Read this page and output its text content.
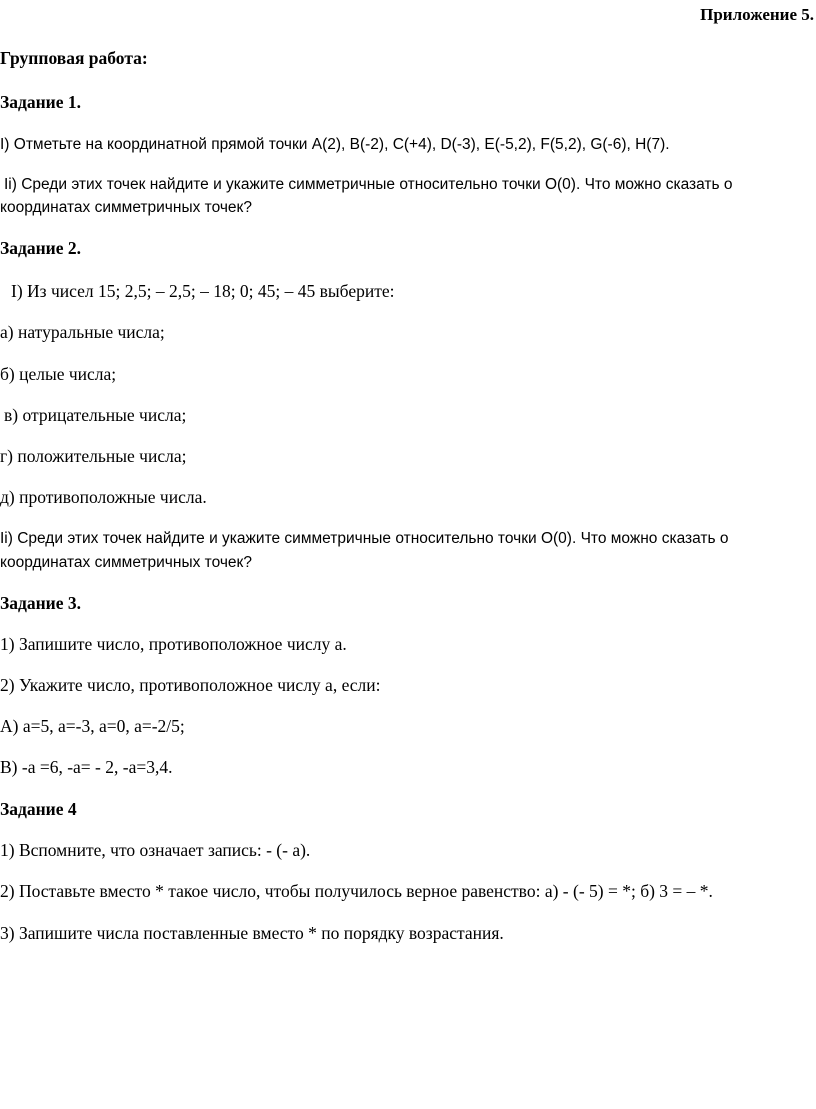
Приложение 5.
Групповая работа:
Задание 1.
I) Отметьте на координатной прямой точки А(2), В(-2), С(+4), D(-3), Е(-5,2), F(5,2), G(-6), H(7).
Ii) Среди этих точек найдите и укажите симметричные относительно точки O(0). Что можно сказать о
координатах симметричных точек?
Задание 2.
I) Из чисел 15; 2,5; – 2,5; – 18; 0; 45; – 45 выберите:
а) натуральные числа;
б) целые числа;
в) отрицательные числа;
г) положительные числа;
д) противоположные числа.
Ii) Среди этих точек найдите и укажите симметричные относительно точки O(0). Что можно сказать о
координатах симметричных точек?
Задание 3.
1) Запишите число, противоположное числу а.
2) Укажите число, противоположное числу а, если:
А) а=5, а=-3, а=0, а=-2/5;
В) -а =6, -а= - 2, -а=3,4.
Задание 4
1) Вспомните, что означает запись: - (- а).
2) Поставьте вместо * такое число, чтобы получилось верное равенство: а) - (- 5) = *; б) 3 = – *.
3) Запишите числа поставленные вместо * по порядку возрастания.
